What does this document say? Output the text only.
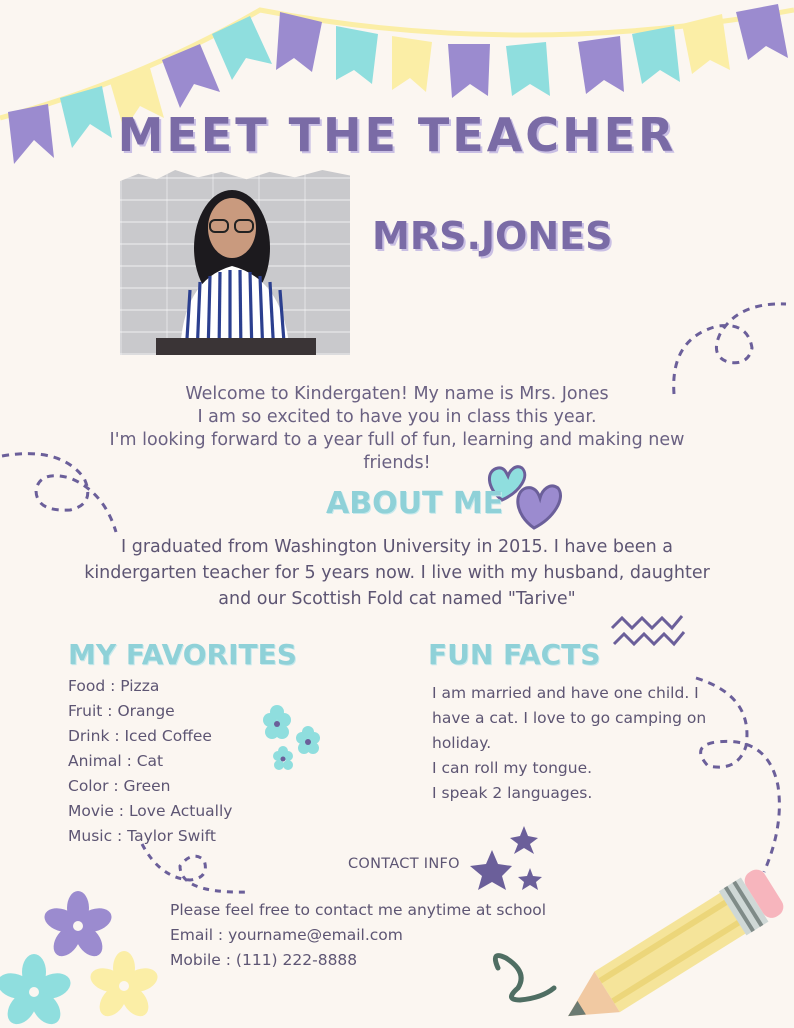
MEET THE TEACHER
MRS.JONES
Welcome to Kindergaten! My name is Mrs. Jones
I am so excited to have you in class this year.
I'm looking forward to a year full of fun, learning and making new
friends!
ABOUT ME
I graduated from Washington University in 2015. I have been a
kindergarten teacher for 5 years now. I live with my husband, daughter
and our Scottish Fold cat named "Tarive"
MY FAVORITES	FUN FACTS
Food : Pizza
Fruit : Orange
Drink : Iced Coffee
Animal : Cat
Color : Green
Movie : Love Actually
Music : Taylor Swift
I am married and have one child. I
have a cat. I love to go camping on
holiday.
I can roll my tongue.
I speak 2 languages.
CONTACT INFO
Please feel free to contact me anytime at school
Email : yourname@email.com
Mobile : (111) 222-8888
